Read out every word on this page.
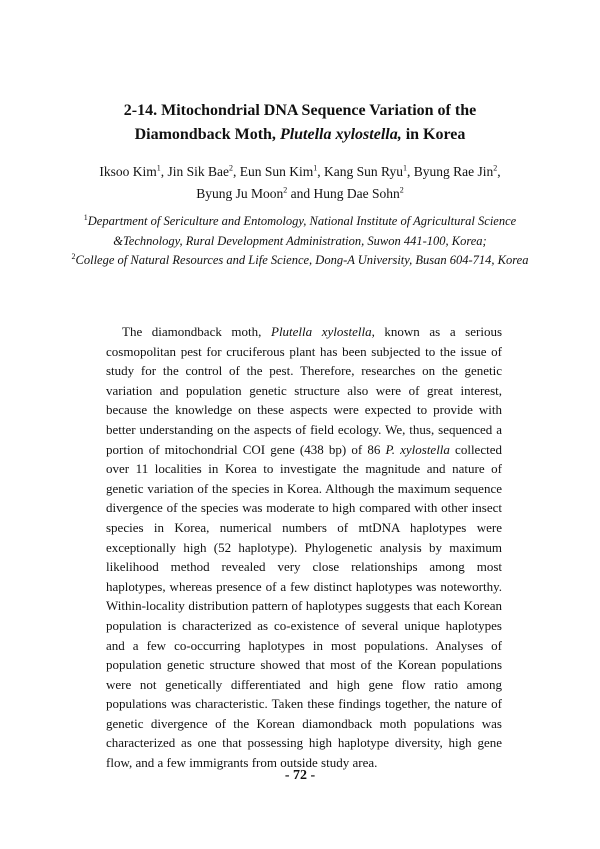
2-14. Mitochondrial DNA Sequence Variation of the
Diamondback Moth, Plutella xylostella, in Korea
Iksoo Kim$^1$, Jin Sik Bae$^2$, Eun Sun Kim$^1$, Kang Sun Ryu$^1$, Byung Rae Jin$^2$,
Byung Ju Moon$^2$ and Hung Dae Sohn$^2$
$^1$Department of Sericulture and Entomology, National Institute of Agricultural Science &Technology, Rural Development Administration, Suwon 441-100, Korea;
$^2$College of Natural Resources and Life Science, Dong-A University, Busan 604-714, Korea

The diamondback moth, Plutella xylostella, known as a serious cosmopolitan pest for cruciferous plant has been subjected to the issue of study for the control of the pest. Therefore, researches on the genetic variation and population genetic structure also were of great interest, because the knowledge on these aspects were expected to provide with better understanding on the aspects of field ecology. We, thus, sequenced a portion of mitochondrial COI gene (438 bp) of 86 P. xylostella collected over 11 localities in Korea to investigate the magnitude and nature of genetic variation of the species in Korea. Although the maximum sequence divergence of the species was moderate to high compared with other insect species in Korea, numerical numbers of mtDNA haplotypes were exceptionally high (52 haplotype). Phylogenetic analysis by maximum likelihood method revealed very close relationships among most haplotypes, whereas presence of a few distinct haplotypes was noteworthy. Within-locality distribution pattern of haplotypes suggests that each Korean population is characterized as co-existence of several unique haplotypes and a few co-occurring haplotypes in most populations. Analyses of population genetic structure showed that most of the Korean populations were not genetically differentiated and high gene flow ratio among populations was characteristic. Taken these findings together, the nature of genetic divergence of the Korean diamondback moth populations was characterized as one that possessing high haplotype diversity, high gene flow, and a few immigrants from outside study area.

- 72 -
